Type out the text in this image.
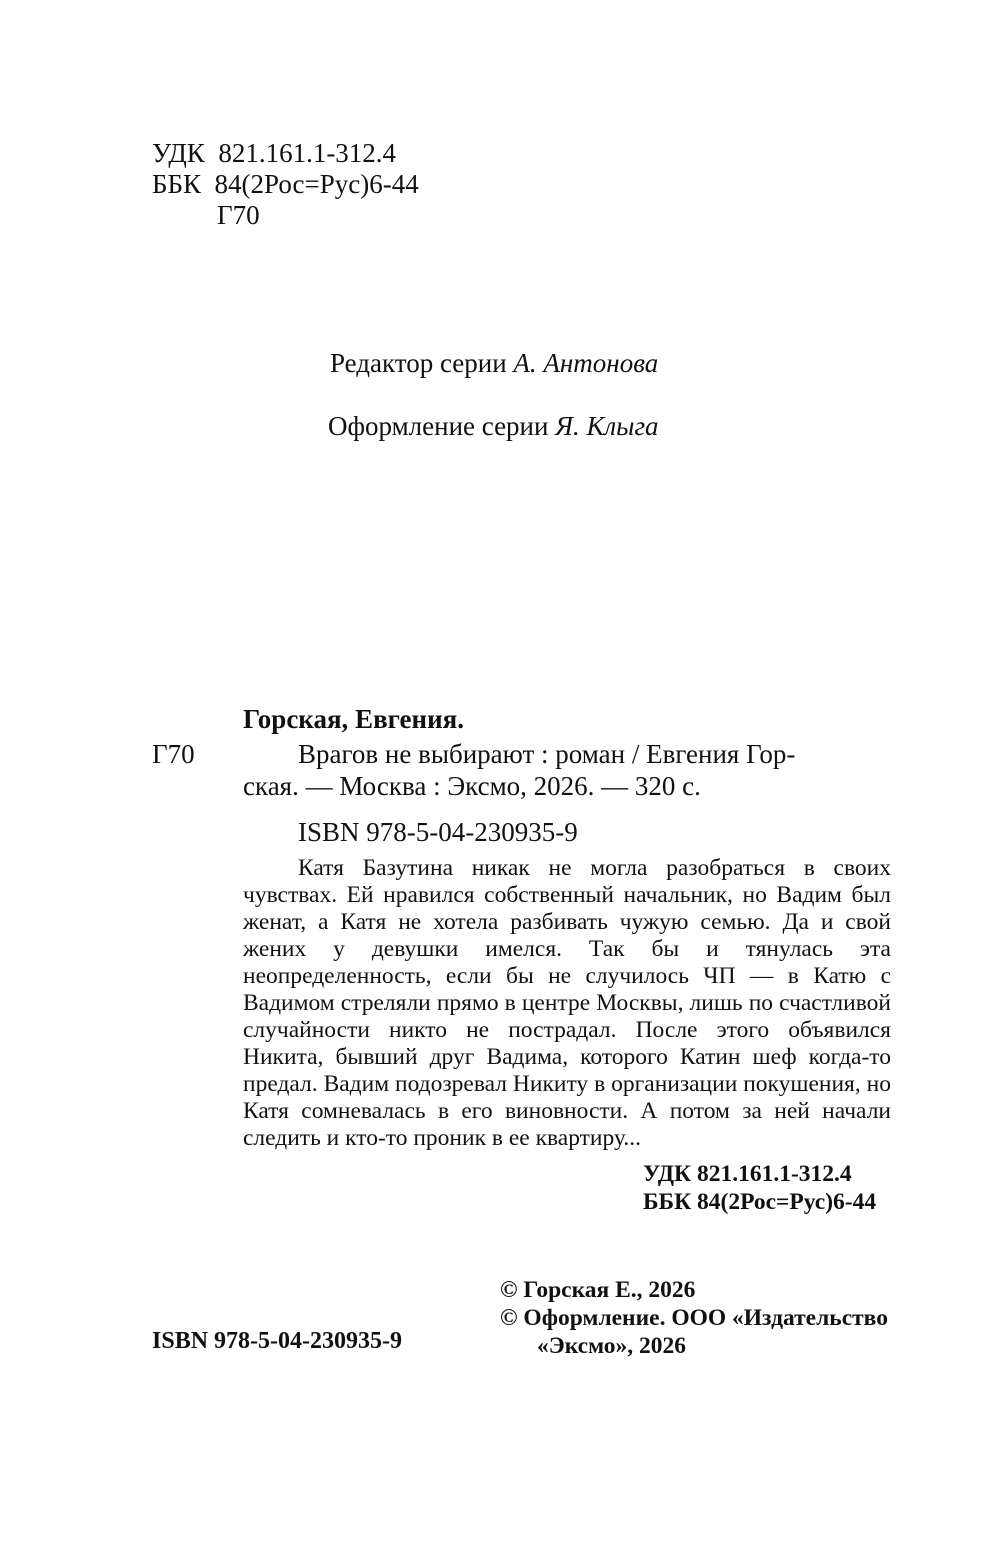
УДК  821.161.1-312.4
ББК  84(2Рос=Рус)6-44
Г70
Редактор серии А. Антонова
Оформление серии Я. Клыга
Горская, Евгения.
Г70	Врагов не выбирают : роман / Евгения Гор-
ская. — Москва : Эксмо, 2026. — 320 с.
ISBN 978-5-04-230935-9

Катя Базутина никак не могла разобраться в своих чувствах. Ей нравился собственный начальник, но Вадим был женат, а Катя не хотела разбивать чужую семью. Да и свой жених у девушки имелся. Так бы и тянулась эта неопределенность, если бы не случилось ЧП — в Катю с Вадимом стреляли прямо в центре Москвы, лишь по счастливой случайности никто не пострадал. После этого объявился Никита, бывший друг Вадима, которого Катин шеф когда-то предал. Вадим подозревал Никиту в организации покушения, но Катя сомневалась в его виновности. А потом за ней начали следить и кто-то проник в ее квартиру...

УДК 821.161.1-312.4
ББК 84(2Рос=Рус)6-44
© Горская Е., 2026
© Оформление. ООО «Издательство
«Эксмо», 2026
ISBN 978-5-04-230935-9
